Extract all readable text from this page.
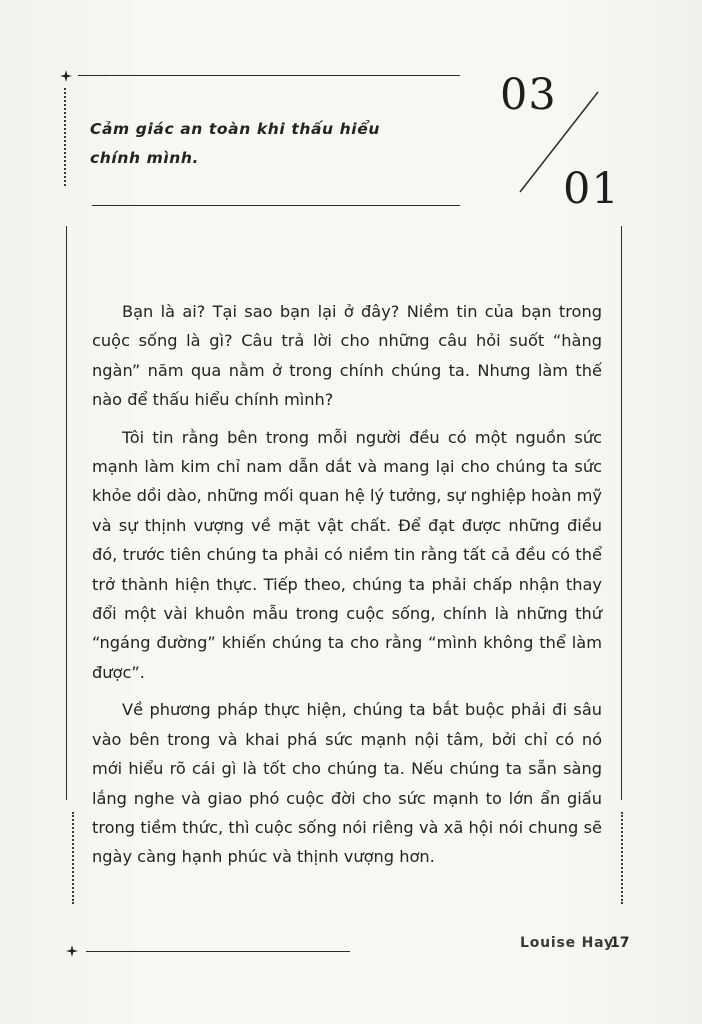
Cảm giác an toàn khi thấu hiểu chính mình.
03
01

Bạn là ai? Tại sao bạn lại ở đây? Niềm tin của bạn trong cuộc sống là gì? Câu trả lời cho những câu hỏi suốt “hàng ngàn” năm qua nằm ở trong chính chúng ta. Nhưng làm thế nào để thấu hiểu chính mình?

Tôi tin rằng bên trong mỗi người đều có một nguồn sức mạnh làm kim chỉ nam dẫn dắt và mang lại cho chúng ta sức khỏe dồi dào, những mối quan hệ lý tưởng, sự nghiệp hoàn mỹ và sự thịnh vượng về mặt vật chất. Để đạt được những điều đó, trước tiên chúng ta phải có niềm tin rằng tất cả đều có thể trở thành hiện thực. Tiếp theo, chúng ta phải chấp nhận thay đổi một vài khuôn mẫu trong cuộc sống, chính là những thứ “ngáng đường” khiến chúng ta cho rằng “mình không thể làm được”.

Về phương pháp thực hiện, chúng ta bắt buộc phải đi sâu vào bên trong và khai phá sức mạnh nội tâm, bởi chỉ có nó mới hiểu rõ cái gì là tốt cho chúng ta. Nếu chúng ta sẵn sàng lắng nghe và giao phó cuộc đời cho sức mạnh to lớn ẩn giấu trong tiềm thức, thì cuộc sống nói riêng và xã hội nói chung sẽ ngày càng hạnh phúc và thịnh vượng hơn.

Louise Hay
17
